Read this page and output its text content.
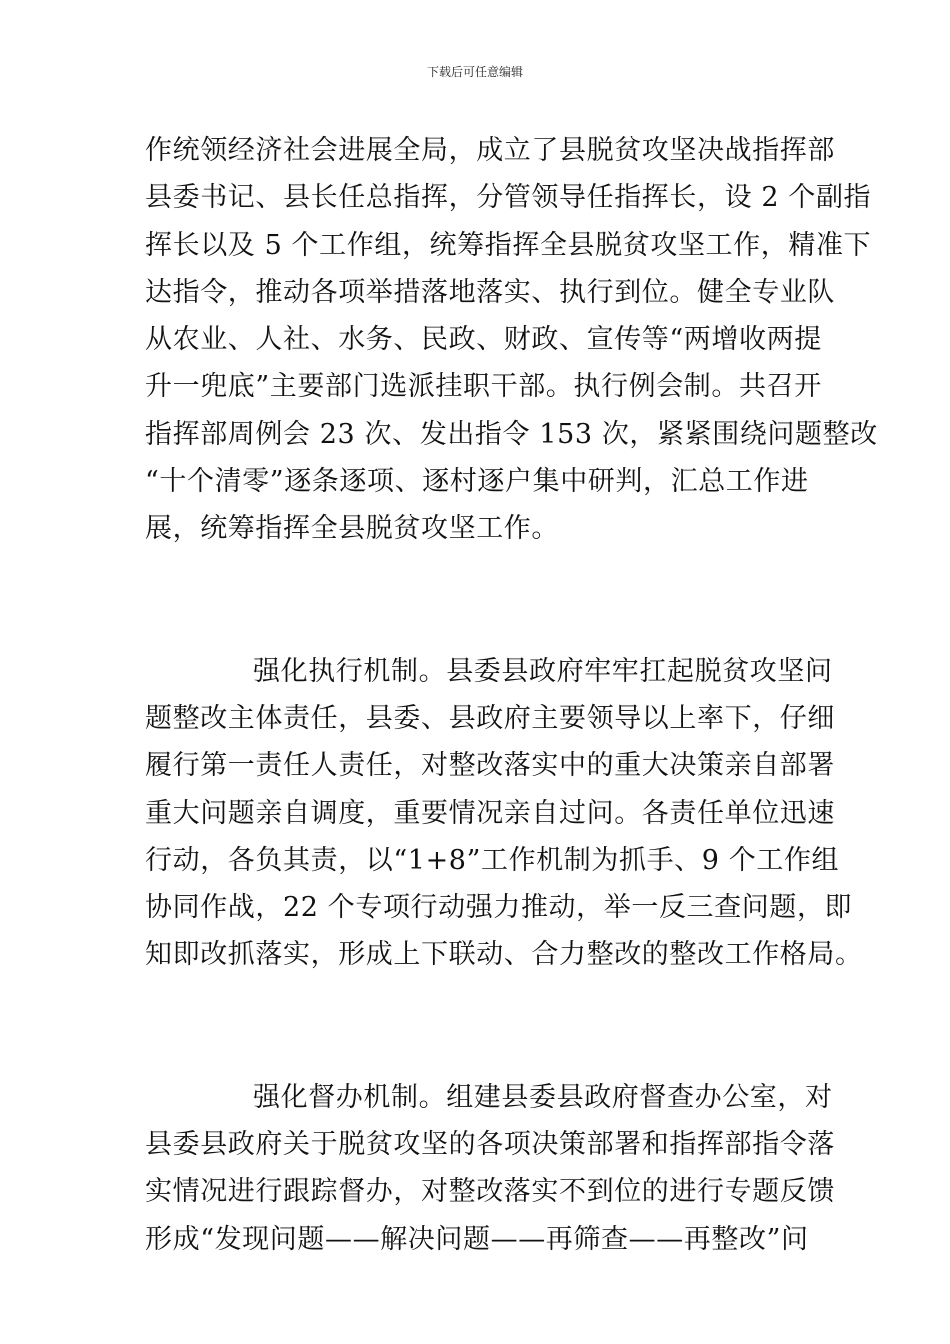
下载后可任意编辑

作统领经济社会进展全局，成立了县脱贫攻坚决战指挥部
县委书记、县长任总指挥，分管领导任指挥长，设 2 个副指
挥长以及 5 个工作组，统筹指挥全县脱贫攻坚工作，精准下
达指令，推动各项举措落地落实、执行到位。健全专业队
从农业、人社、水务、民政、财政、宣传等“两增收两提
升一兜底”主要部门选派挂职干部。执行例会制。共召开
指挥部周例会 23 次、发出指令 153 次，紧紧围绕问题整改
“十个清零”逐条逐项、逐村逐户集中研判，汇总工作进
展，统筹指挥全县脱贫攻坚工作。

强化执行机制。县委县政府牢牢扛起脱贫攻坚问
题整改主体责任，县委、县政府主要领导以上率下，仔细
履行第一责任人责任，对整改落实中的重大决策亲自部署
重大问题亲自调度，重要情况亲自过问。各责任单位迅速
行动，各负其责，以“1+8”工作机制为抓手、9 个工作组
协同作战，22 个专项行动强力推动，举一反三查问题，即
知即改抓落实，形成上下联动、合力整改的整改工作格局。

强化督办机制。组建县委县政府督查办公室，对
县委县政府关于脱贫攻坚的各项决策部署和指挥部指令落
实情况进行跟踪督办，对整改落实不到位的进行专题反馈
形成“发现问题——解决问题——再筛查——再整改”问
